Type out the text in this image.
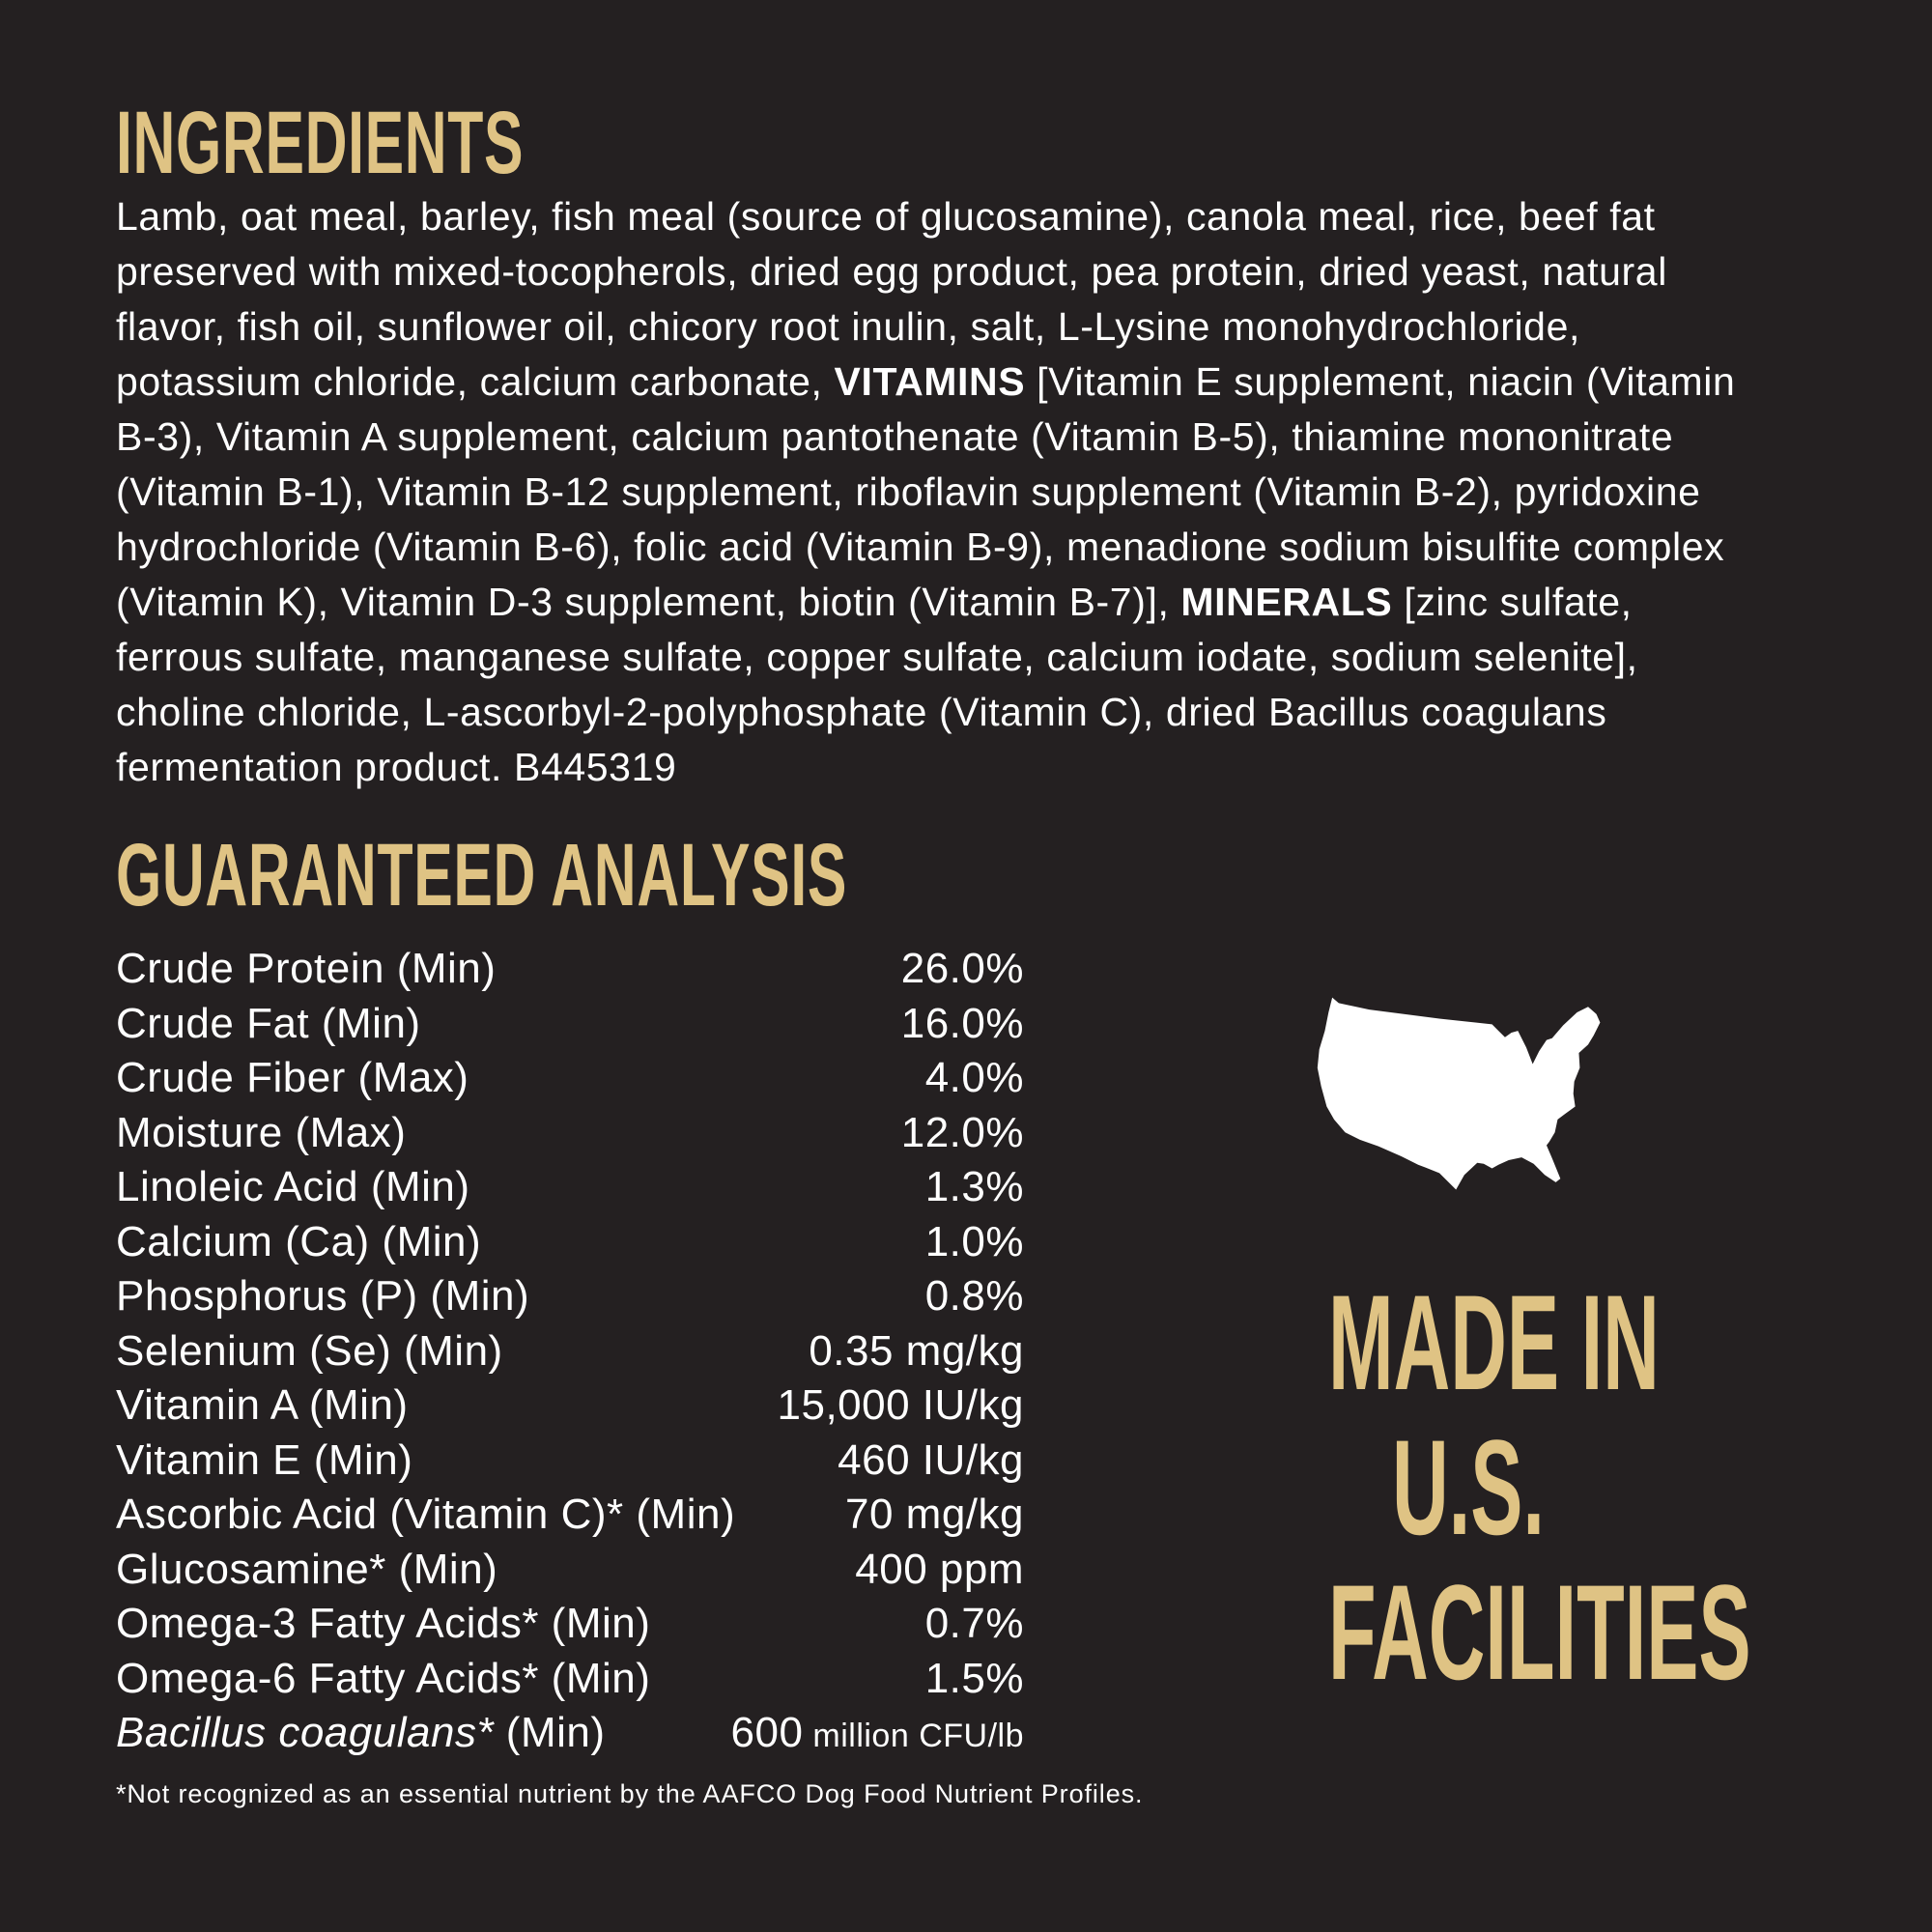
INGREDIENTS
Lamb, oat meal, barley, fish meal (source of glucosamine), canola meal, rice, beef fat preserved with mixed-tocopherols, dried egg product, pea protein, dried yeast, natural flavor, fish oil, sunflower oil, chicory root inulin, salt, L-Lysine monohydrochloride, potassium chloride, calcium carbonate, VITAMINS [Vitamin E supplement, niacin (Vitamin B-3), Vitamin A supplement, calcium pantothenate (Vitamin B-5), thiamine mononitrate (Vitamin B-1), Vitamin B-12 supplement, riboflavin supplement (Vitamin B-2), pyridoxine hydrochloride (Vitamin B-6), folic acid (Vitamin B-9), menadione sodium bisulfite complex (Vitamin K), Vitamin D-3 supplement, biotin (Vitamin B-7)], MINERALS [zinc sulfate, ferrous sulfate, manganese sulfate, copper sulfate, calcium iodate, sodium selenite], choline chloride, L-ascorbyl-2-polyphosphate (Vitamin C), dried Bacillus coagulans fermentation product. B445319
GUARANTEED ANALYSIS
Crude Protein (Min)	26.0%
Crude Fat (Min)	16.0%
Crude Fiber (Max)	4.0%
Moisture (Max)	12.0%
Linoleic Acid (Min)	1.3%
Calcium (Ca) (Min)	1.0%
Phosphorus (P) (Min)	0.8%
Selenium (Se) (Min)	0.35 mg/kg
Vitamin A (Min)	15,000 IU/kg
Vitamin E (Min)	460 IU/kg
Ascorbic Acid (Vitamin C)* (Min)	70 mg/kg
Glucosamine* (Min)	400 ppm
Omega-3 Fatty Acids* (Min)	0.7%
Omega-6 Fatty Acids* (Min)	1.5%
Bacillus coagulans* (Min)	600 million CFU/lb
MADE IN
U.S.
FACILITIES
*Not recognized as an essential nutrient by the AAFCO Dog Food Nutrient Profiles.
